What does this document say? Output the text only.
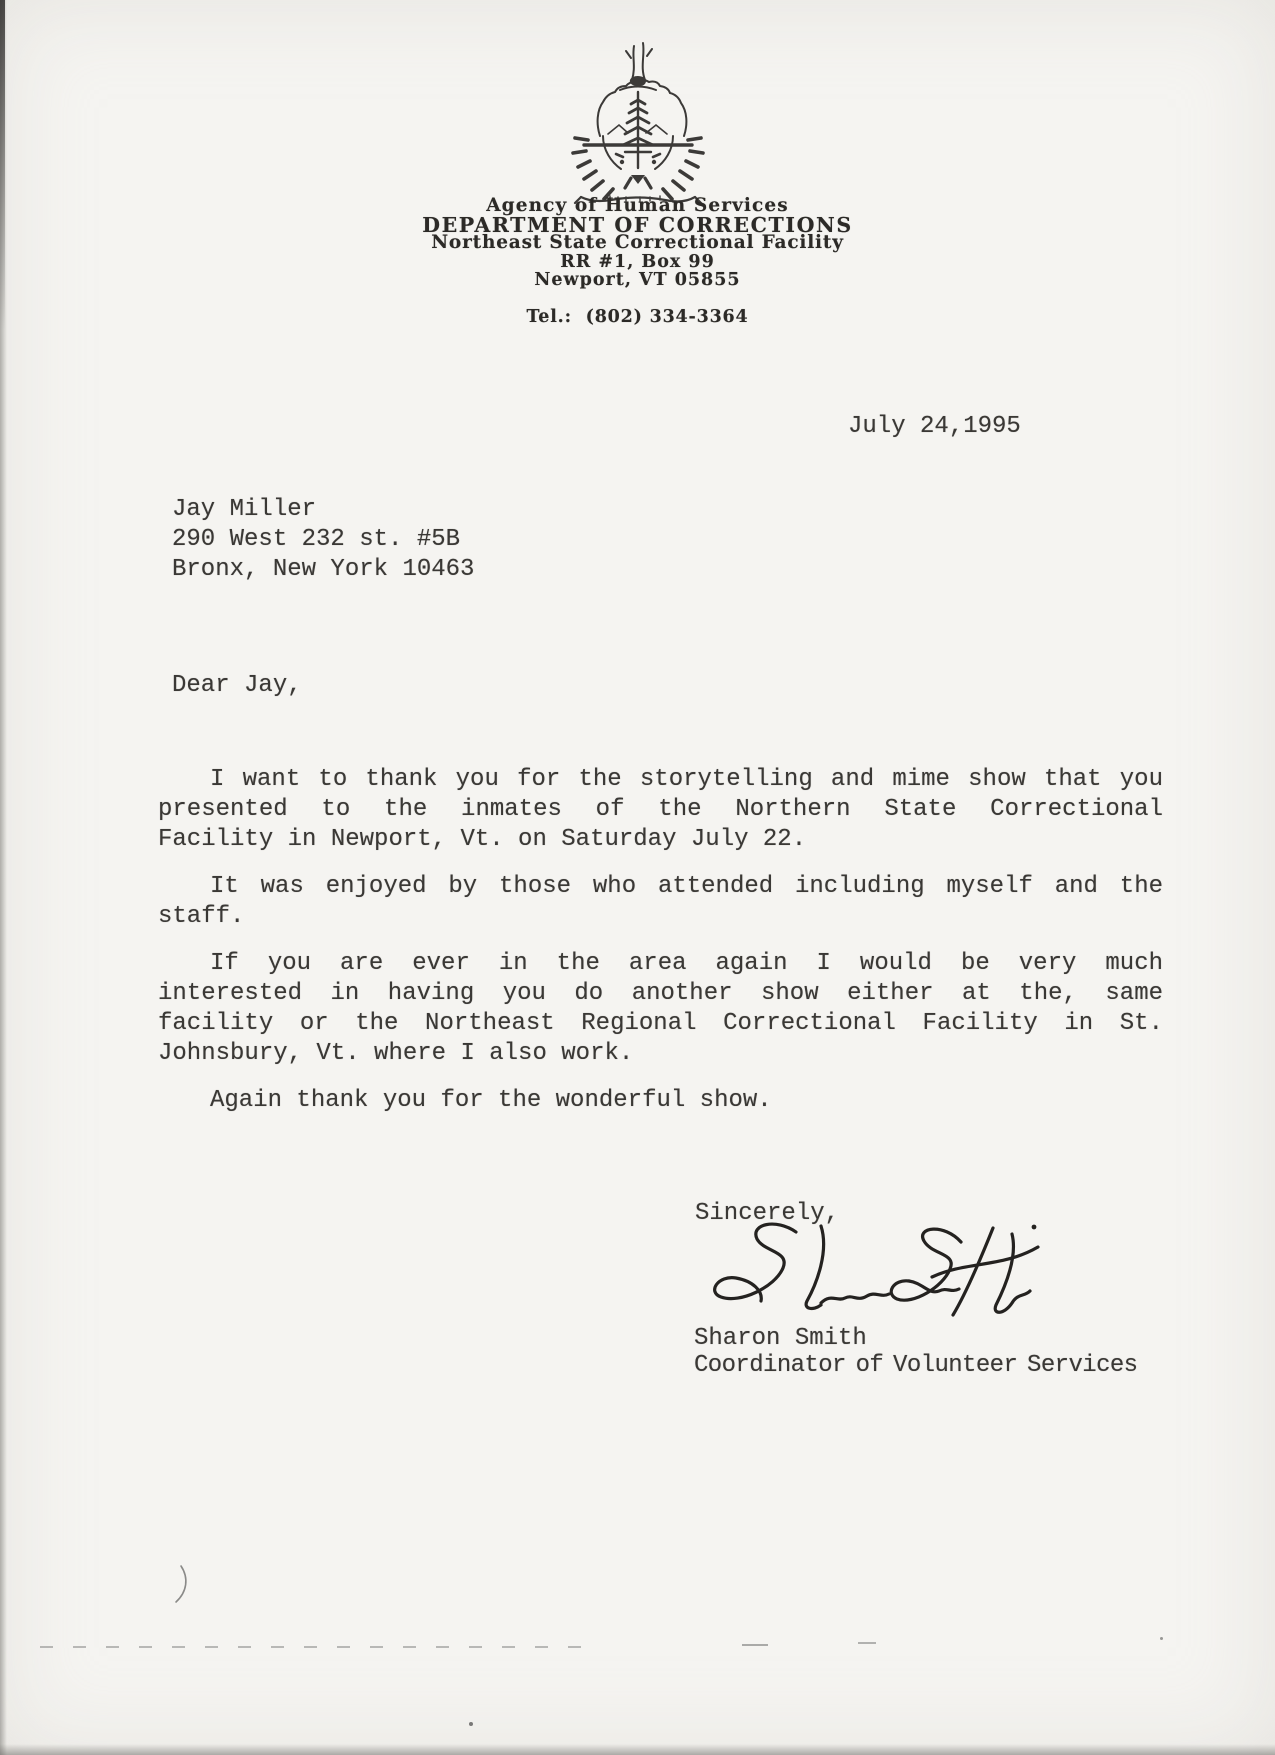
Agency of Human Services
DEPARTMENT OF CORRECTIONS
Northeast State Correctional Facility
RR #1, Box 99
Newport, VT 05855
Tel.:  (802) 334-3364
July 24,1995
Jay Miller
290 West 232 st. #5B
Bronx, New York 10463
Dear Jay,
I want to thank you for the storytelling and mime show that you
presented to the inmates of the Northern State Correctional
Facility in Newport, Vt. on Saturday July 22.
It was enjoyed by those who attended including myself and the
staff.
If you are ever in the area again I would be very much
interested in having you do another show either at the, same
facility or the Northeast Regional Correctional Facility in St.
Johnsbury, Vt. where I also work.
Again thank you for the wonderful show.
Sincerely,
Sharon Smith
Coordinator of Volunteer Services
